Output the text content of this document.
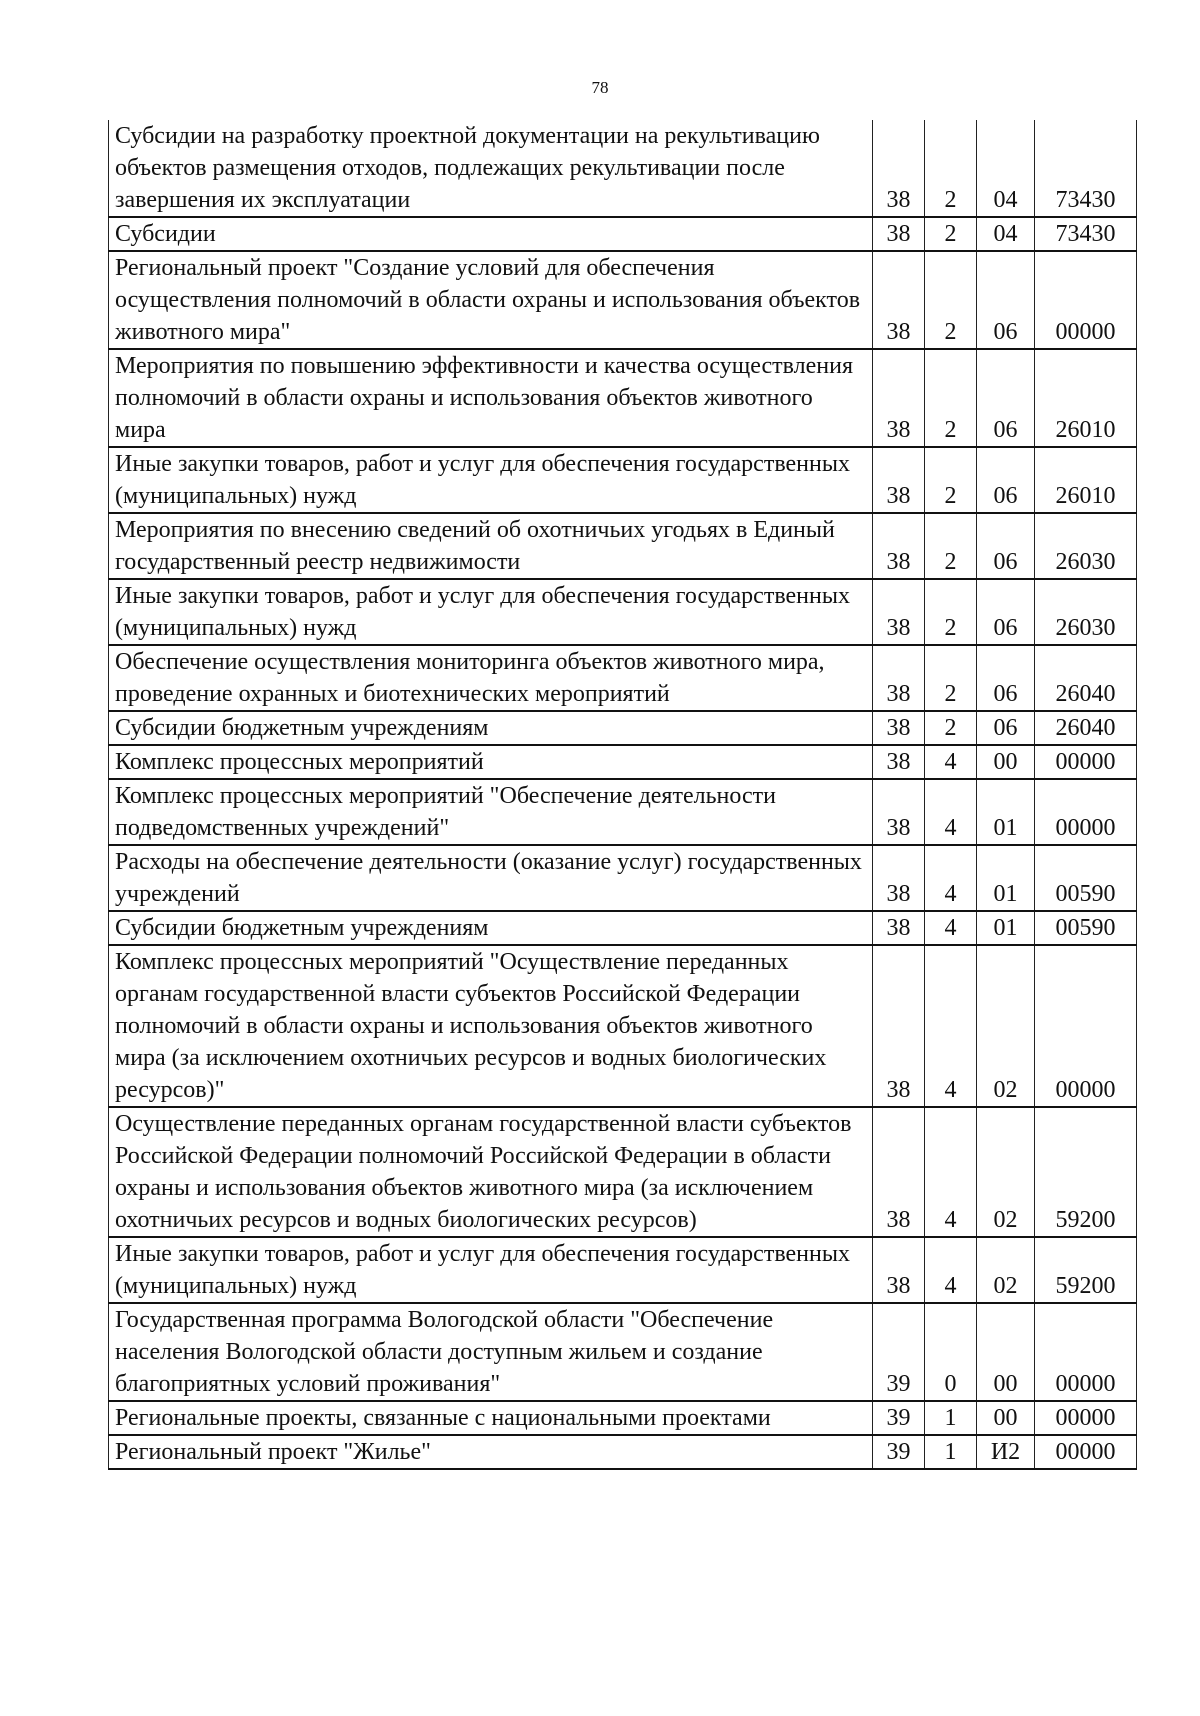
78
Субсидии на разработку проектной документации на рекультивацию объектов размещения отходов, подлежащих рекультивации после завершения их эксплуатации	38	2	04	73430
Субсидии	38	2	04	73430
Региональный проект "Создание условий для обеспечения осуществления полномочий в области охраны и использования объектов животного мира"	38	2	06	00000
Мероприятия по повышению эффективности и качества осуществления полномочий в области охраны и использования объектов животного мира	38	2	06	26010
Иные закупки товаров, работ и услуг для обеспечения государственных (муниципальных) нужд	38	2	06	26010
Мероприятия по внесению сведений об охотничьих угодьях в Единый государственный реестр недвижимости	38	2	06	26030
Иные закупки товаров, работ и услуг для обеспечения государственных (муниципальных) нужд	38	2	06	26030
Обеспечение осуществления мониторинга объектов животного мира, проведение охранных и биотехнических мероприятий	38	2	06	26040
Субсидии бюджетным учреждениям	38	2	06	26040
Комплекс процессных мероприятий	38	4	00	00000
Комплекс процессных мероприятий "Обеспечение деятельности подведомственных учреждений"	38	4	01	00000
Расходы на обеспечение деятельности (оказание услуг) государственных учреждений	38	4	01	00590
Субсидии бюджетным учреждениям	38	4	01	00590
Комплекс процессных мероприятий "Осуществление переданных органам государственной власти субъектов Российской Федерации полномочий в области охраны и использования объектов животного мира (за исключением охотничьих ресурсов и водных биологических ресурсов)"	38	4	02	00000
Осуществление переданных органам государственной власти субъектов Российской Федерации полномочий Российской Федерации в области охраны и использования объектов животного мира (за исключением охотничьих ресурсов и водных биологических ресурсов)	38	4	02	59200
Иные закупки товаров, работ и услуг для обеспечения государственных (муниципальных) нужд	38	4	02	59200
Государственная программа Вологодской области "Обеспечение населения Вологодской области доступным жильем и создание благоприятных условий проживания"	39	0	00	00000
Региональные проекты, связанные с национальными проектами	39	1	00	00000
Региональный проект "Жилье"	39	1	И2	00000
